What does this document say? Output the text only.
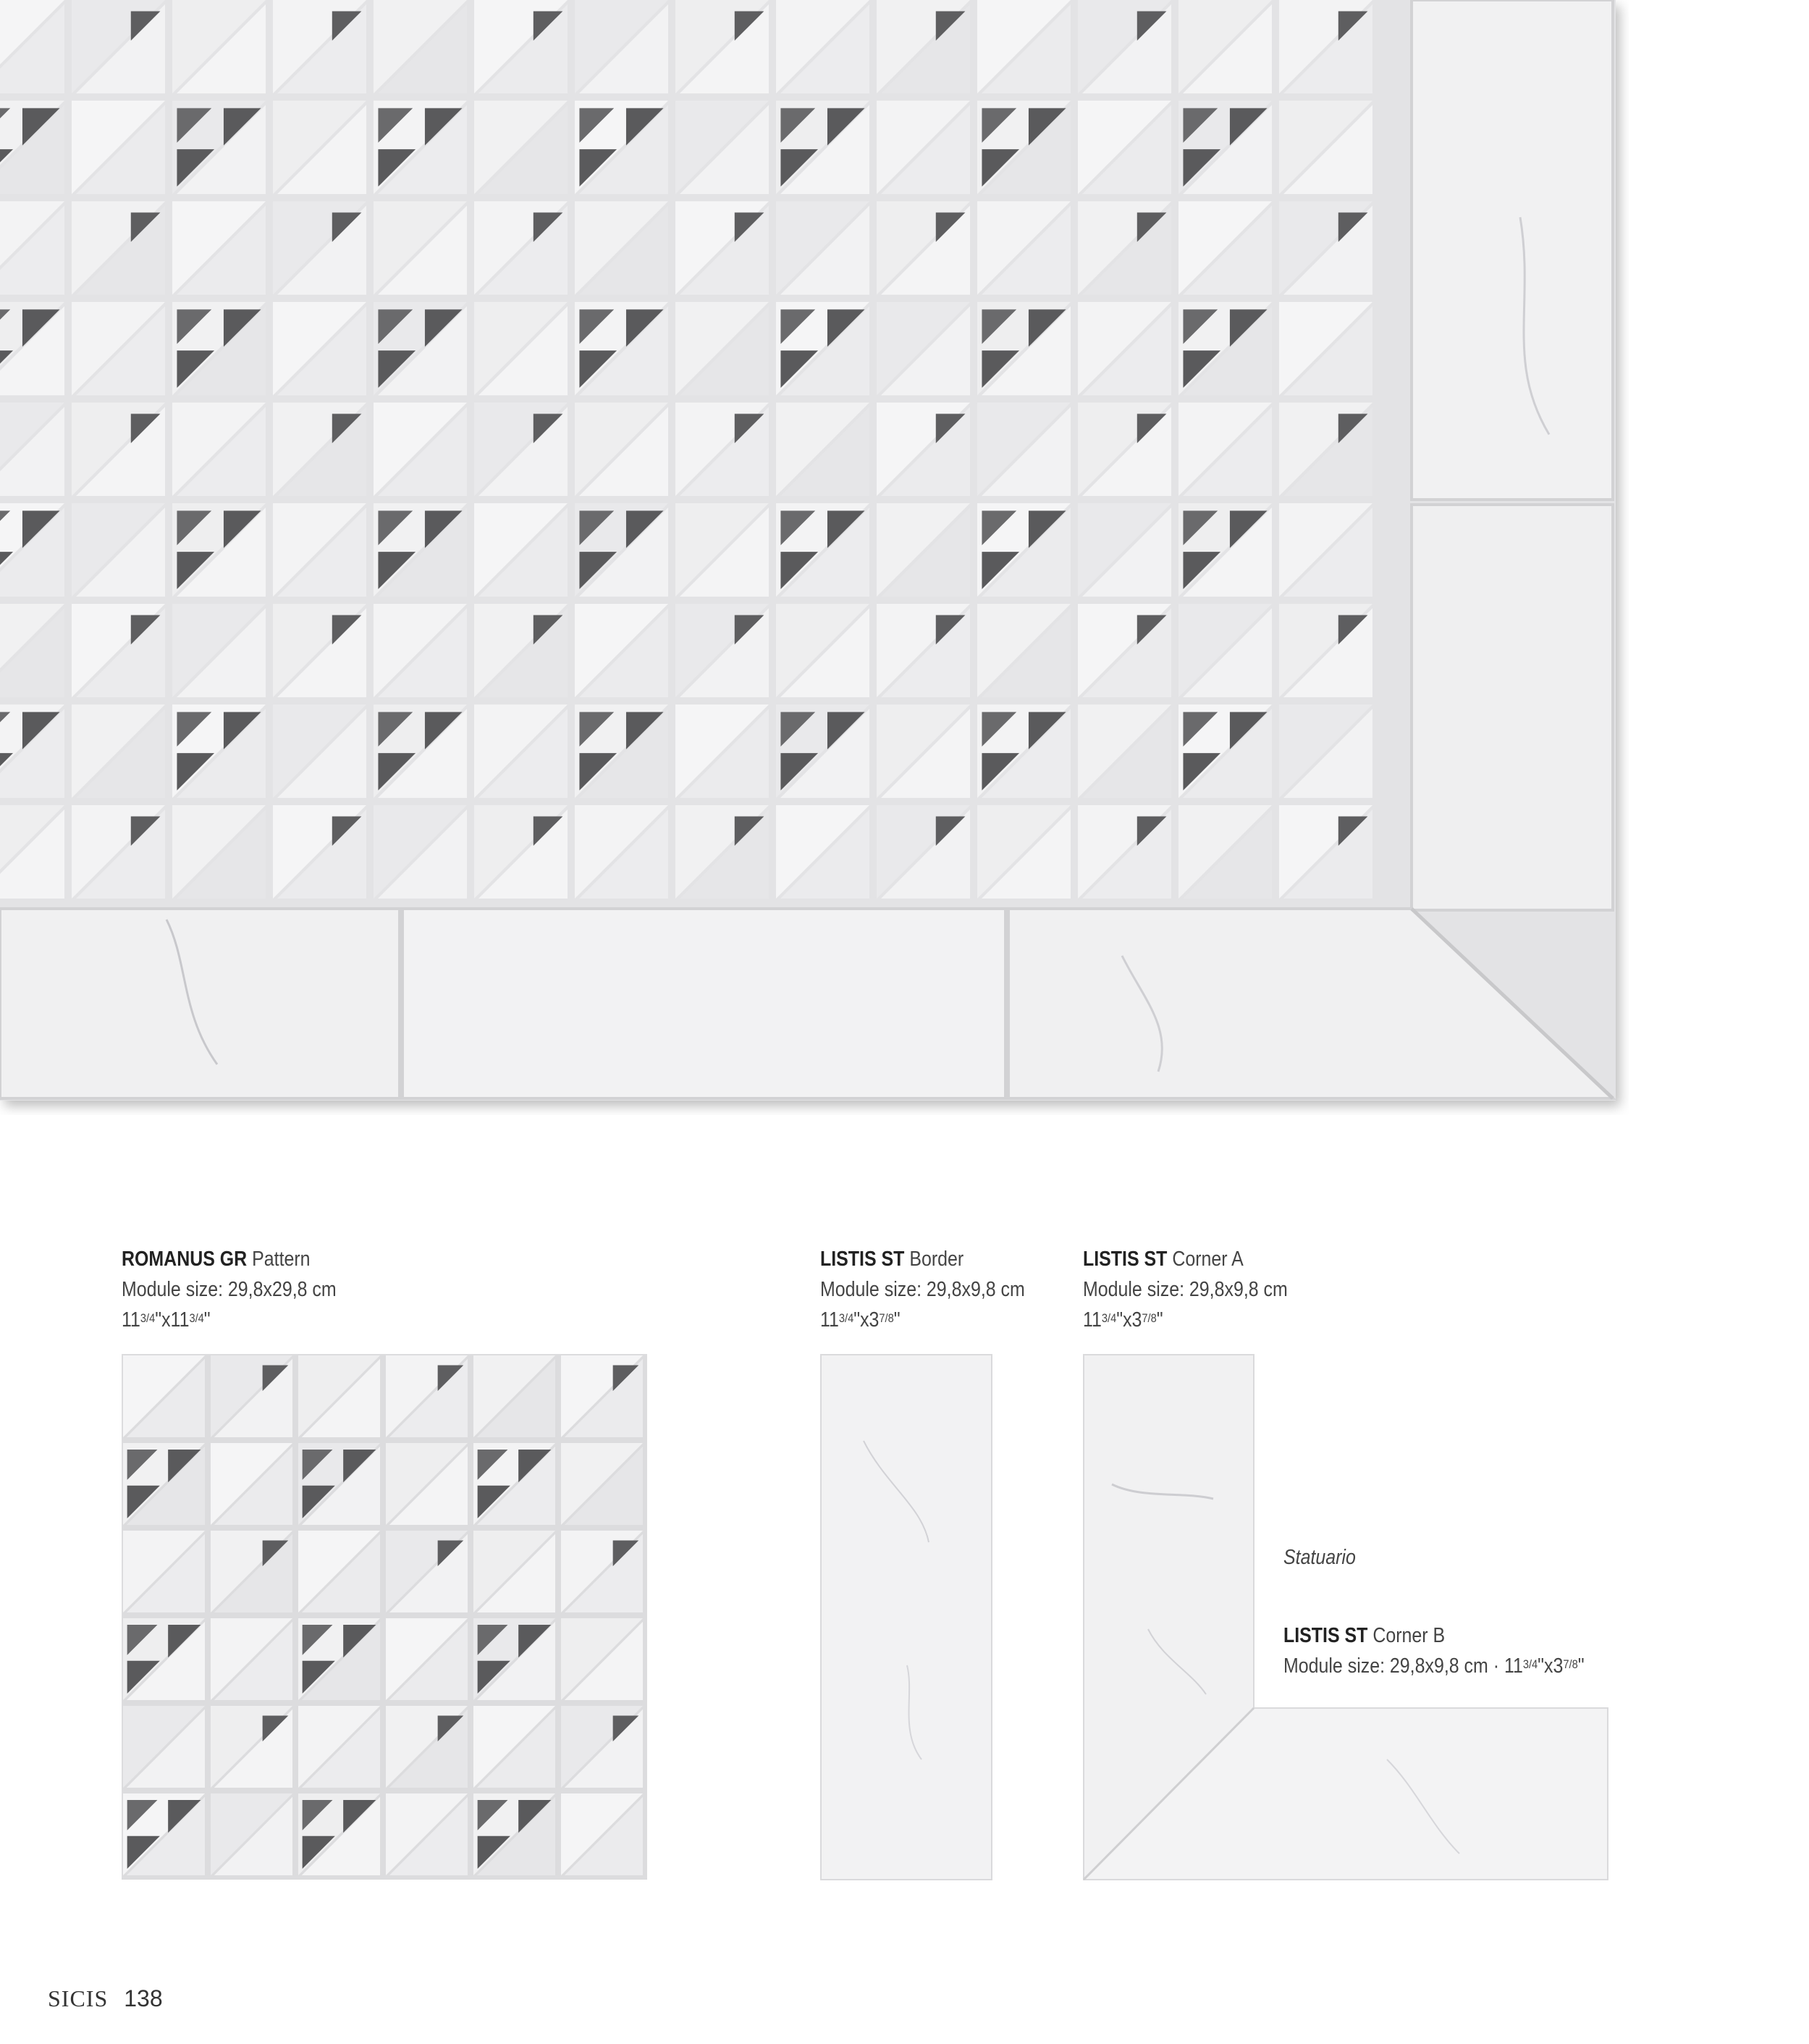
ROMANUS GR Pattern
Module size: 29,8x29,8 cm
$11^{3/4}"x11^{3/4}$"
LISTIS ST Border
Module size: 29,8x9,8 cm
$11^{3/4}"x3^{7/8}$"
LISTIS ST Corner A
Module size: 29,8x9,8 cm
$11^{3/4}"x3^{7/8}$"
Statuario
LISTIS ST Corner B
Module size: 29,8x9,8 cm · $11^{3/4}"x3^{7/8}$"
SICIS 138
